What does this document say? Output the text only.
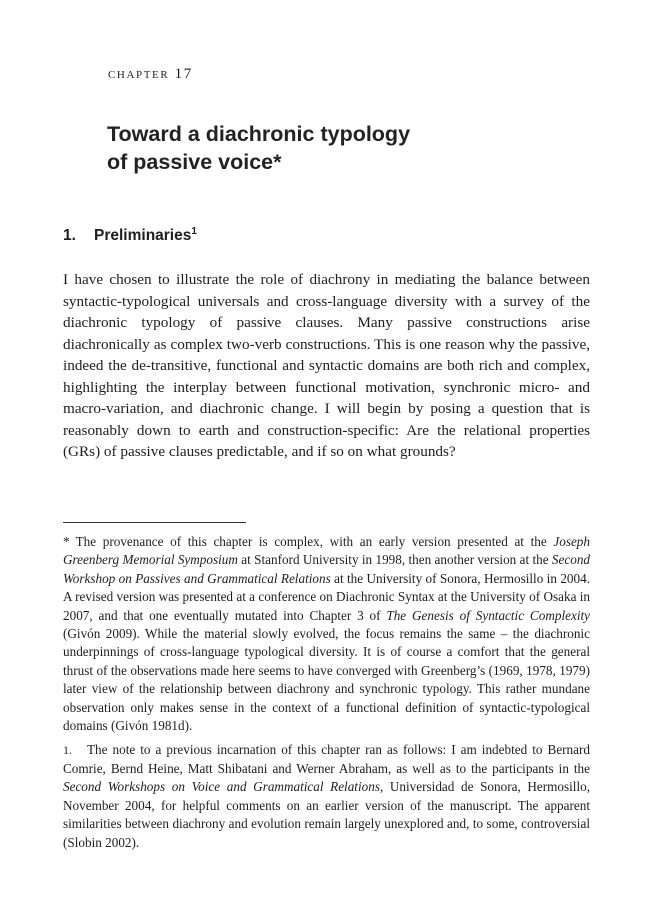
chapter 17
Toward a diachronic typology
of passive voice*
1. Preliminaries$^1$

I have chosen to illustrate the role of diachrony in mediating the balance between syntactic-typological universals and cross-language diversity with a survey of the diachronic typology of passive clauses. Many passive constructions arise diachronically as complex two-verb constructions. This is one reason why the passive, indeed the de-transitive, functional and syntactic domains are both rich and complex, highlighting the interplay between functional motivation, synchronic micro- and macro-variation, and diachronic change. I will begin by posing a question that is reasonably down to earth and construction-specific: Are the relational properties (GRs) of passive clauses predictable, and if so on what grounds?

* The provenance of this chapter is complex, with an early version presented at the Joseph Greenberg Memorial Symposium at Stanford University in 1998, then another version at the Second Workshop on Passives and Grammatical Relations at the University of Sonora, Hermosillo in 2004. A revised version was presented at a conference on Diachronic Syntax at the University of Osaka in 2007, and that one eventually mutated into Chapter 3 of The Genesis of Syntactic Complexity (Givón 2009). While the material slowly evolved, the focus remains the same – the diachronic underpinnings of cross-language typological diversity. It is of course a comfort that the general thrust of the observations made here seems to have converged with Greenberg’s (1969, 1978, 1979) later view of the relationship between diachrony and synchronic typology. This rather mundane observation only makes sense in the context of a functional definition of syntactic-typological domains (Givón 1981d).

1. The note to a previous incarnation of this chapter ran as follows: I am indebted to Bernard Comrie, Bernd Heine, Matt Shibatani and Werner Abraham, as well as to the participants in the Second Workshops on Voice and Grammatical Relations, Universidad de Sonora, Hermosillo, November 2004, for helpful comments on an earlier version of the manuscript. The apparent similarities between diachrony and evolution remain largely unexplored and, to some, controversial (Slobin 2002).
